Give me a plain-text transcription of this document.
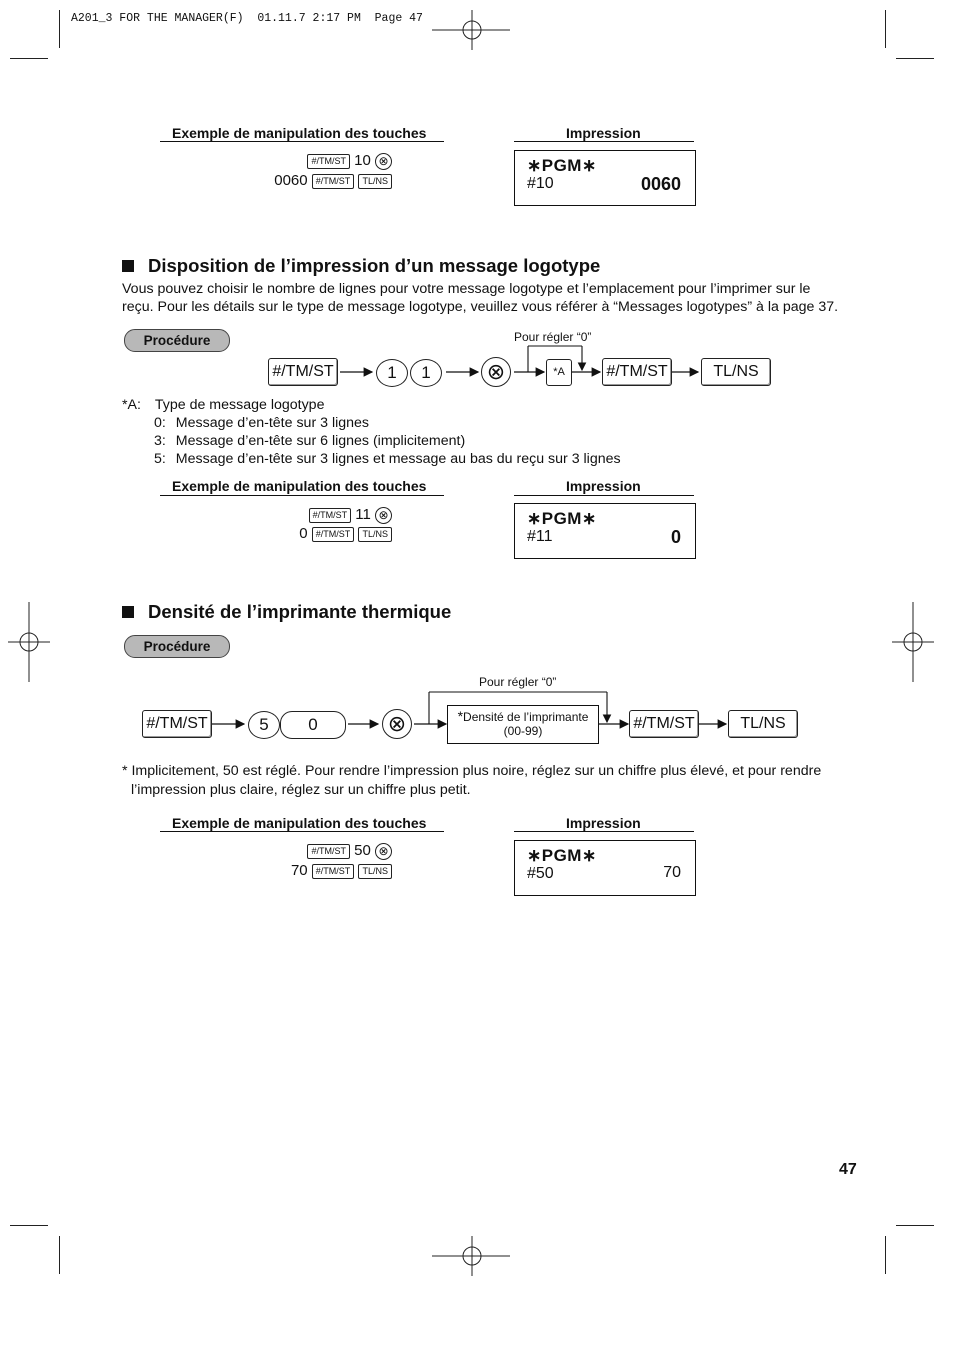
A201_3 FOR THE MANAGER(F)  01.11.7 2:17 PM  Page 47
Exemple de manipulation des touches	Impression
#/TM/ST 10 ⊗
0060 #/TM/ST TL/NS
∗PGM∗
#10	0060
Disposition de l’impression d’un message logotype
Vous pouvez choisir le nombre de lignes pour votre message logotype et l’emplacement pour l’imprimer sur le
reçu. Pour les détails sur le type de message logotype, veuillez vous référer à “Messages logotypes” à la page 37.
Procédure	Pour régler “0”
#/TM/ST	1	1	⊗	*A	#/TM/ST	TL/NS
*A: Type de message logotype
0: Message d’en-tête sur 3 lignes
3: Message d’en-tête sur 6 lignes (implicitement)
5: Message d’en-tête sur 3 lignes et message au bas du reçu sur 3 lignes
Exemple de manipulation des touches	Impression
#/TM/ST 11 ⊗
0 #/TM/ST TL/NS
∗PGM∗
#11	0
Densité de l’imprimante thermique
Procédure
Pour régler “0”
#/TM/ST	5	0	⊗	*Densité de l’imprimante
(00-99)	#/TM/ST	TL/NS
* Implicitement, 50 est réglé. Pour rendre l’impression plus noire, réglez sur un chiffre plus élevé, et pour rendre
l’impression plus claire, réglez sur un chiffre plus petit.
Exemple de manipulation des touches	Impression
#/TM/ST 50 ⊗
70 #/TM/ST TL/NS
∗PGM∗
#50	70
47
